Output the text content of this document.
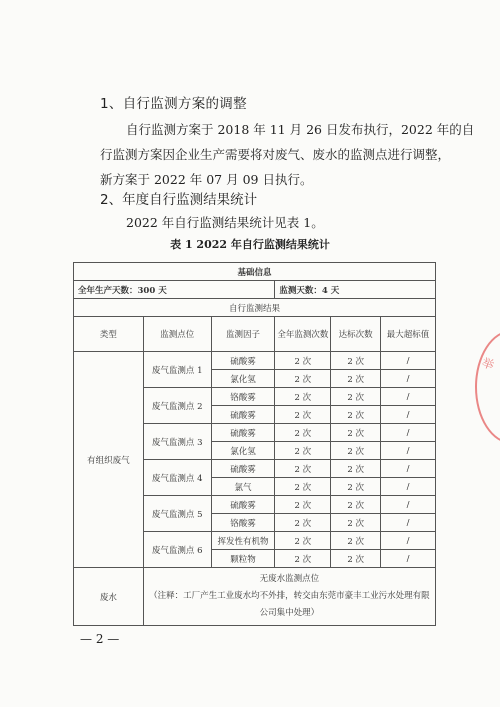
1、自行监测方案的调整
自行监测方案于 2018 年 11 月 26 日发布执行，2022 年的自
行监测方案因企业生产需要将对废气、废水的监测点进行调整，
新方案于 2022 年 07 月 09 日执行。
2、年度自行监测结果统计
2022 年自行监测结果统计见表 1。
表 1 2022 年自行监测结果统计
基础信息					
全年生产天数：300 天			监测天数：4 天		
自行监测结果					
类型	监测点位	监测因子	全年监测次数	达标次数	最大超标值
有组织废气	废气监测点 1	硫酸雾	2 次	2 次	/
		氯化氢	2 次	2 次	/
	废气监测点 2	铬酸雾	2 次	2 次	/
		硫酸雾	2 次	2 次	/
	废气监测点 3	硫酸雾	2 次	2 次	/
		氯化氢	2 次	2 次	/
	废气监测点 4	硫酸雾	2 次	2 次	/
		氯气	2 次	2 次	/
	废气监测点 5	硫酸雾	2 次	2 次	/
		铬酸雾	2 次	2 次	/
	废气监测点 6	挥发性有机物	2 次	2 次	/
		颗粒物	2 次	2 次	/
废水	无废水监测点位
（注释：工厂产生工业废水均不外排，转交由东莞市豪丰工业污水处理有限公司集中处理）				
举
— 2 —
